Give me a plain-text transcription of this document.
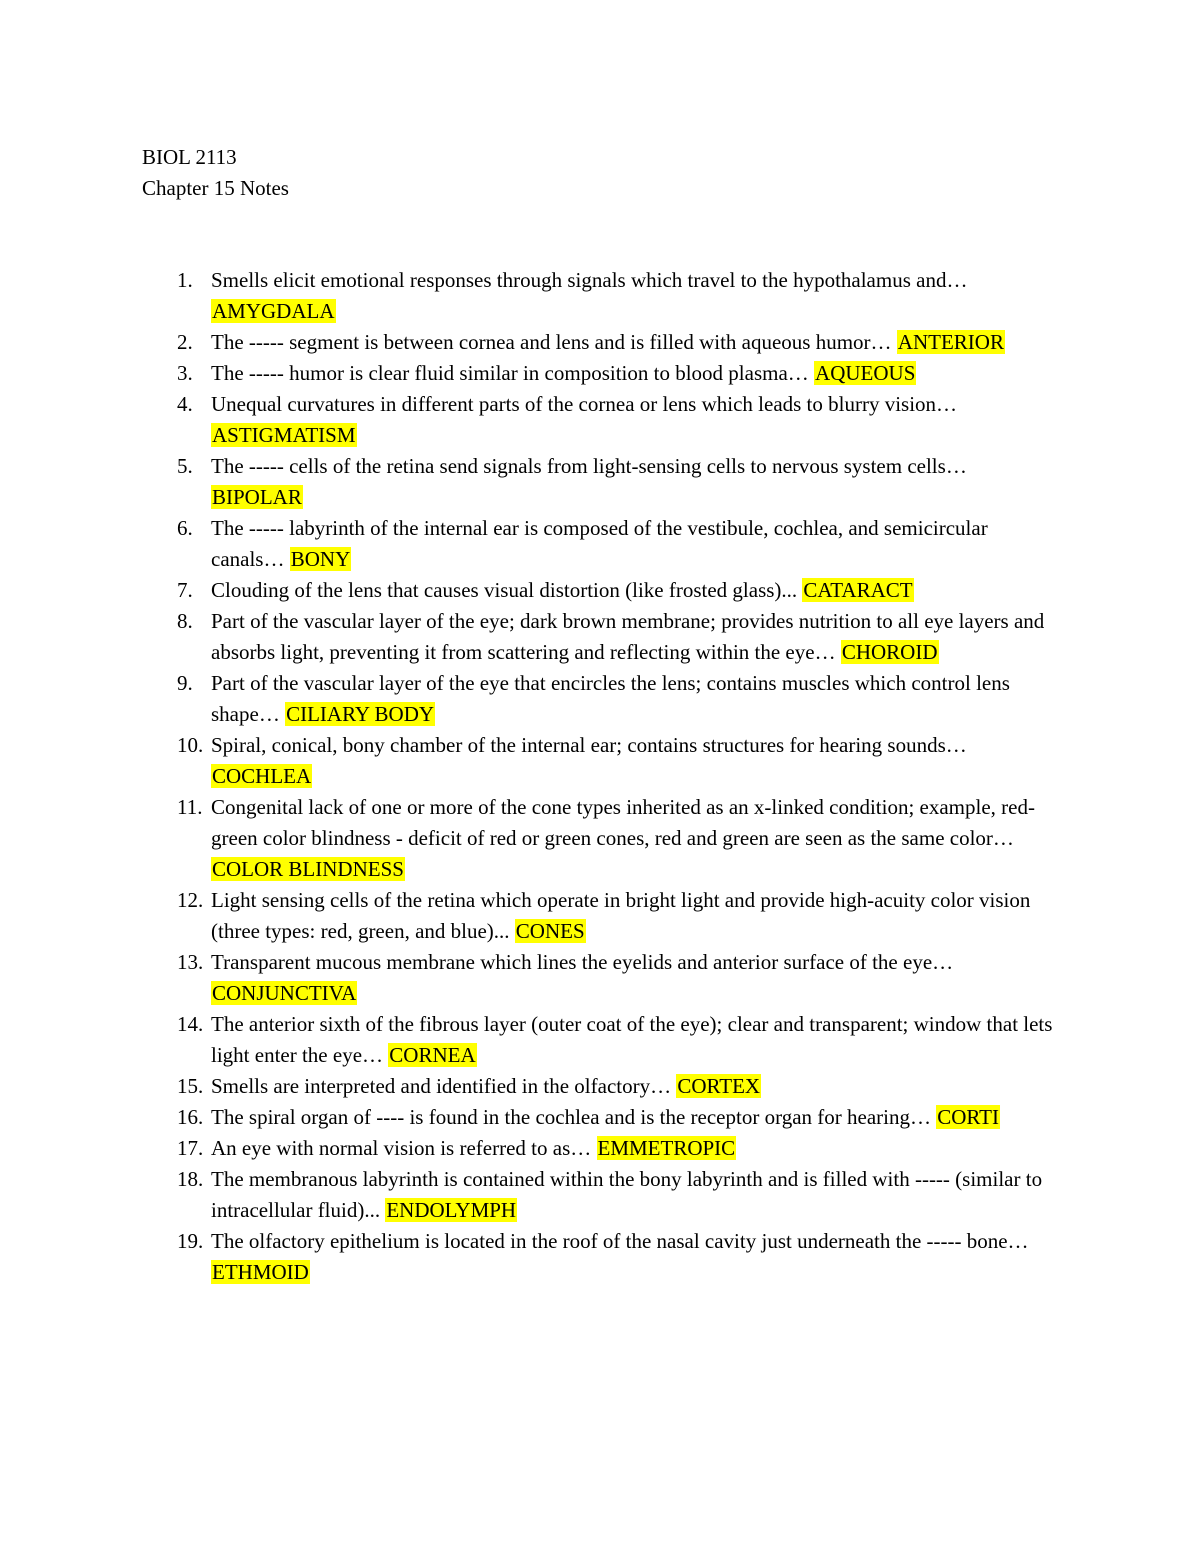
BIOL 2113
Chapter 15 Notes
1. Smells elicit emotional responses through signals which travel to the hypothalamus and… AMYGDALA
2. The ----- segment is between cornea and lens and is filled with aqueous humor… ANTERIOR
3. The ----- humor is clear fluid similar in composition to blood plasma… AQUEOUS
4. Unequal curvatures in different parts of the cornea or lens which leads to blurry vision… ASTIGMATISM
5. The ----- cells of the retina send signals from light-sensing cells to nervous system cells… BIPOLAR
6. The ----- labyrinth of the internal ear is composed of the vestibule, cochlea, and semicircular canals… BONY
7. Clouding of the lens that causes visual distortion (like frosted glass)... CATARACT
8. Part of the vascular layer of the eye; dark brown membrane; provides nutrition to all eye layers and absorbs light, preventing it from scattering and reflecting within the eye… CHOROID
9. Part of the vascular layer of the eye that encircles the lens; contains muscles which control lens shape… CILIARY BODY
10. Spiral, conical, bony chamber of the internal ear; contains structures for hearing sounds… COCHLEA
11. Congenital lack of one or more of the cone types inherited as an x-linked condition; example, red-green color blindness - deficit of red or green cones, red and green are seen as the same color… COLOR BLINDNESS
12. Light sensing cells of the retina which operate in bright light and provide high-acuity color vision (three types: red, green, and blue)... CONES
13. Transparent mucous membrane which lines the eyelids and anterior surface of the eye… CONJUNCTIVA
14. The anterior sixth of the fibrous layer (outer coat of the eye); clear and transparent; window that lets light enter the eye… CORNEA
15. Smells are interpreted and identified in the olfactory… CORTEX
16. The spiral organ of ---- is found in the cochlea and is the receptor organ for hearing… CORTI
17. An eye with normal vision is referred to as… EMMETROPIC
18. The membranous labyrinth is contained within the bony labyrinth and is filled with ----- (similar to intracellular fluid)... ENDOLYMPH
19. The olfactory epithelium is located in the roof of the nasal cavity just underneath the ----- bone… ETHMOID
